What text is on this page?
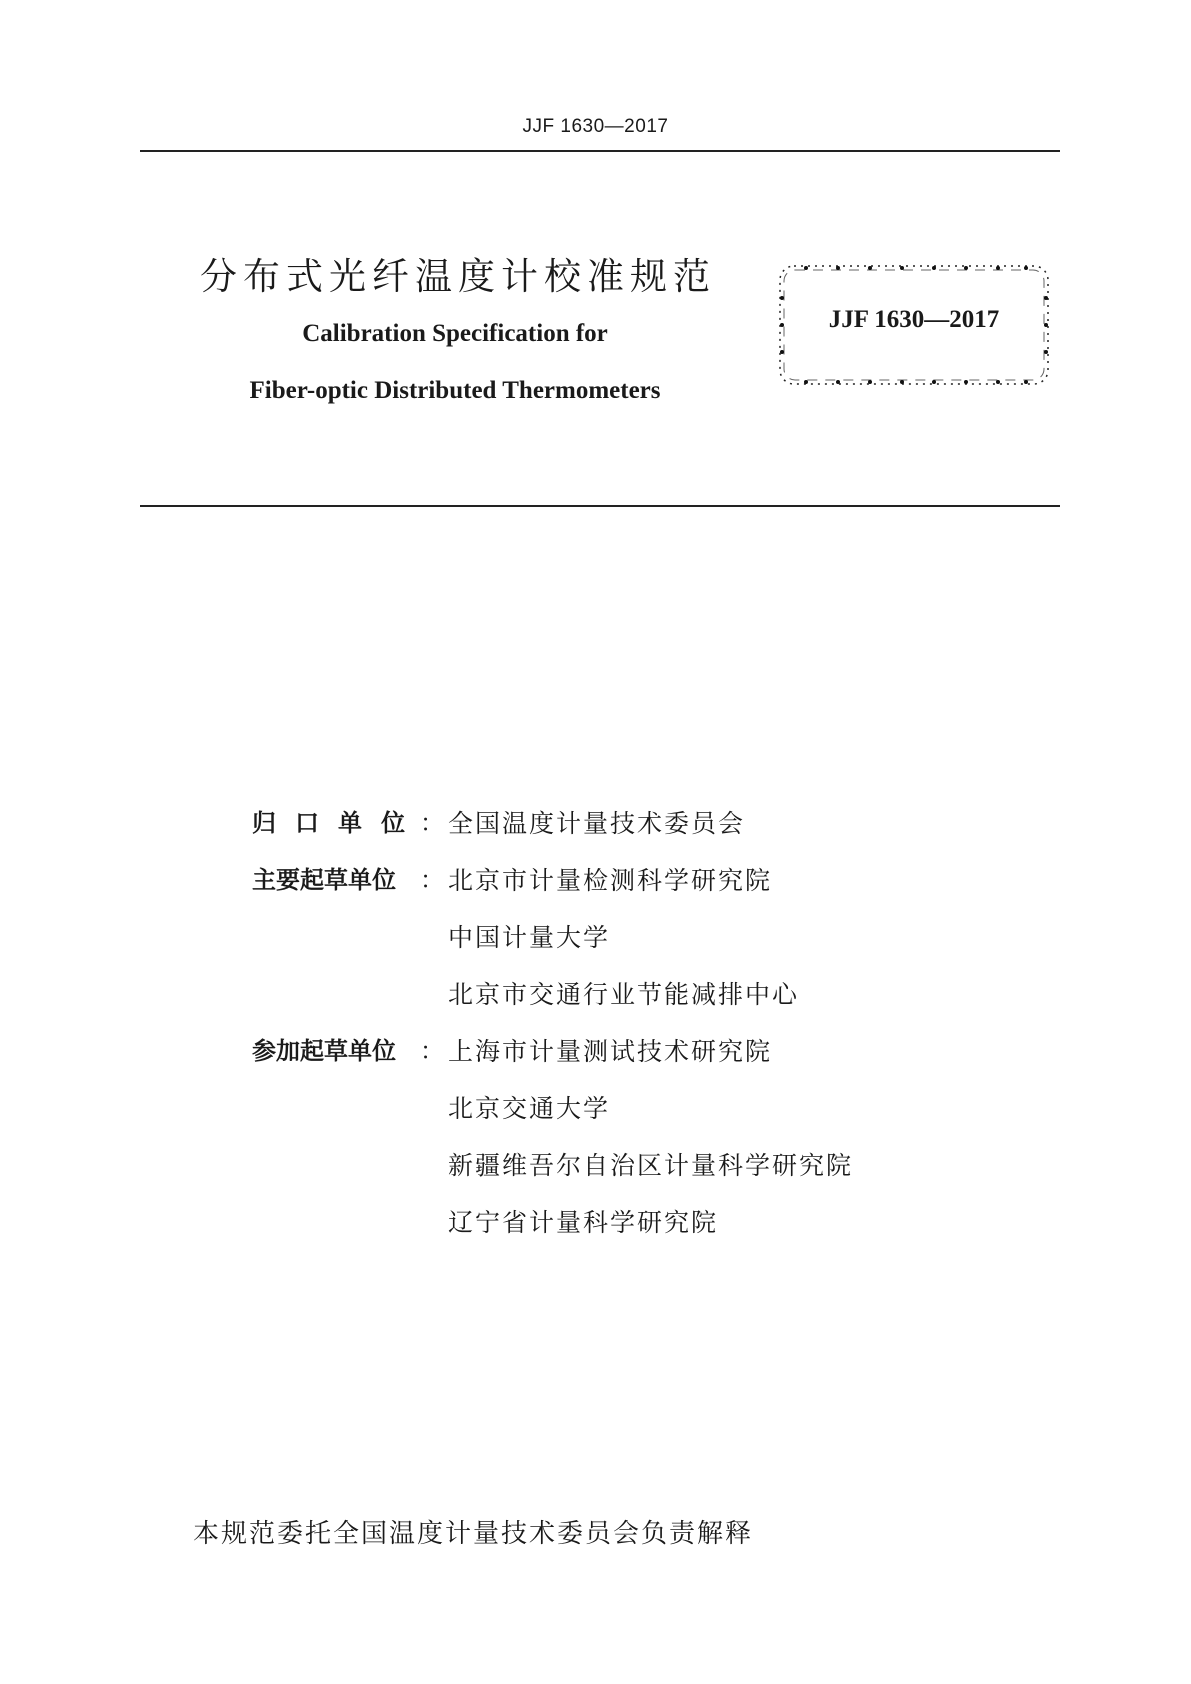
JJF 1630—2017
分布式光纤温度计校准规范
Calibration Specification for
Fiber-optic Distributed Thermometers
JJF 1630—2017
归口单位
： 全国温度计量技术委员会
主要起草单位	： 北京市计量检测科学研究院
中国计量大学
北京市交通行业节能减排中心
参加起草单位	： 上海市计量测试技术研究院
北京交通大学
新疆维吾尔自治区计量科学研究院
辽宁省计量科学研究院
本规范委托全国温度计量技术委员会负责解释
